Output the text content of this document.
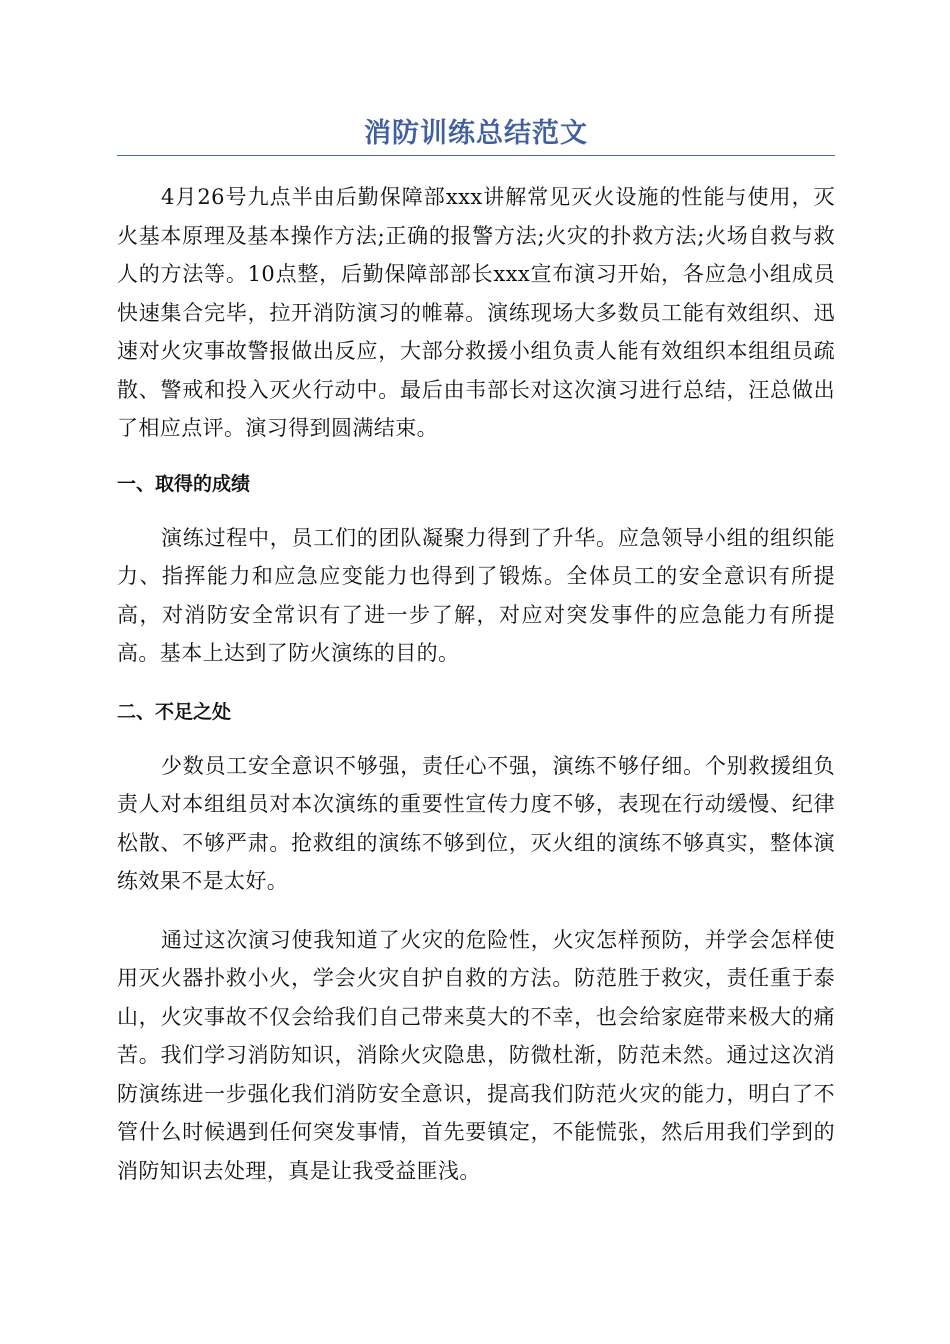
消防训练总结范文

4月26号九点半由后勤保障部xxx讲解常见灭火设施的性能与使用，灭火基本原理及基本操作方法;正确的报警方法;火灾的扑救方法;火场自救与救人的方法等。10点整，后勤保障部部长xxx宣布演习开始，各应急小组成员快速集合完毕，拉开消防演习的帷幕。演练现场大多数员工能有效组织、迅速对火灾事故警报做出反应，大部分救援小组负责人能有效组织本组组员疏散、警戒和投入灭火行动中。最后由韦部长对这次演习进行总结，汪总做出了相应点评。演习得到圆满结束。

一、取得的成绩

演练过程中，员工们的团队凝聚力得到了升华。应急领导小组的组织能力、指挥能力和应急应变能力也得到了锻炼。全体员工的安全意识有所提高，对消防安全常识有了进一步了解，对应对突发事件的应急能力有所提高。基本上达到了防火演练的目的。

二、不足之处

少数员工安全意识不够强，责任心不强，演练不够仔细。个别救援组负责人对本组组员对本次演练的重要性宣传力度不够，表现在行动缓慢、纪律松散、不够严肃。抢救组的演练不够到位，灭火组的演练不够真实，整体演练效果不是太好。

通过这次演习使我知道了火灾的危险性，火灾怎样预防，并学会怎样使用灭火器扑救小火，学会火灾自护自救的方法。防范胜于救灾，责任重于泰山，火灾事故不仅会给我们自己带来莫大的不幸，也会给家庭带来极大的痛苦。我们学习消防知识，消除火灾隐患，防微杜渐，防范未然。通过这次消防演练进一步强化我们消防安全意识，提高我们防范火灾的能力，明白了不管什么时候遇到任何突发事情，首先要镇定，不能慌张，然后用我们学到的消防知识去处理，真是让我受益匪浅。
